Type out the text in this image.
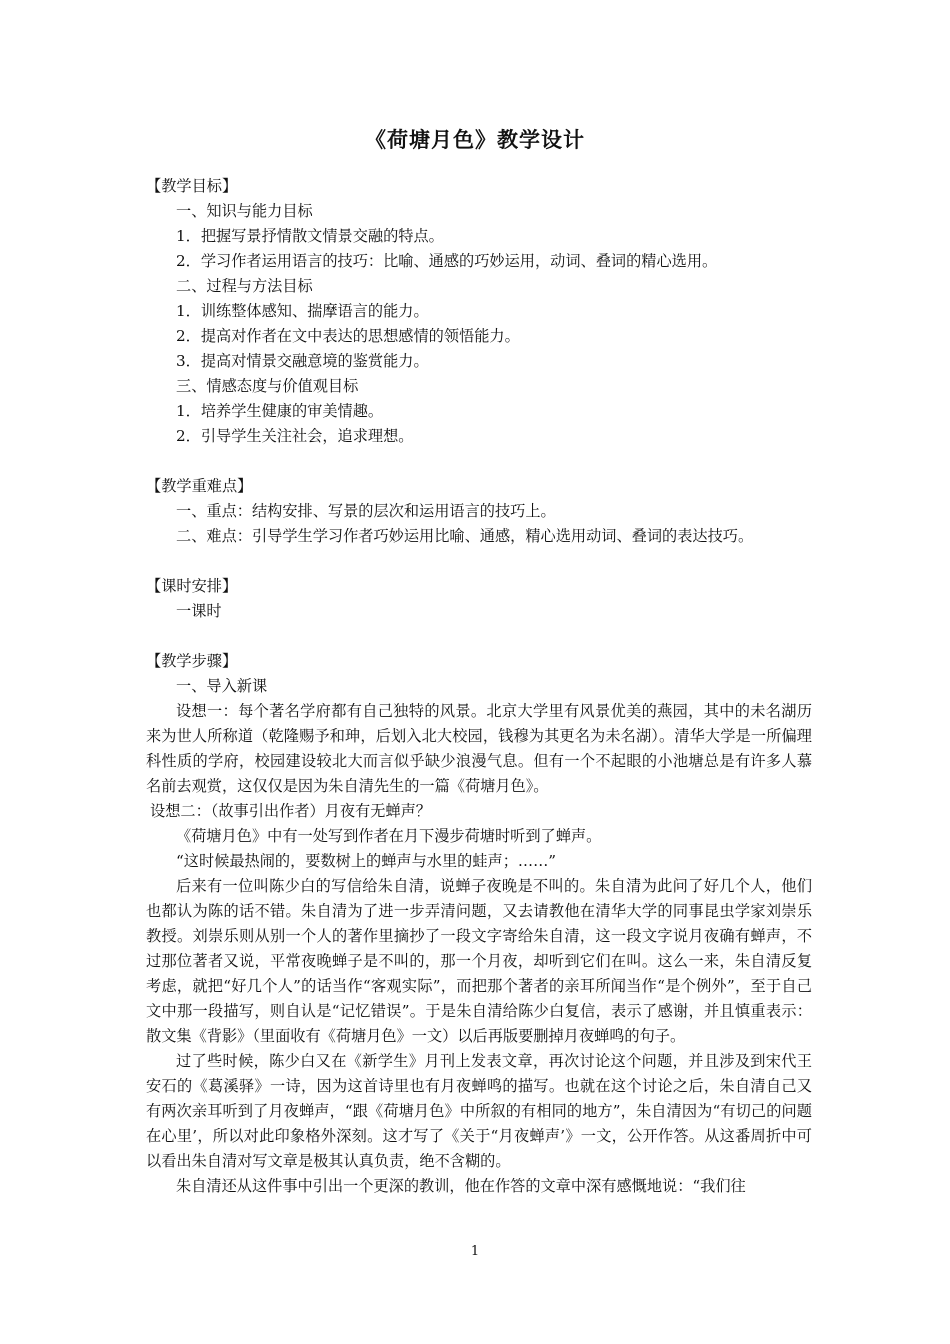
《荷塘月色》教学设计

【教学目标】

一、知识与能力目标

1．把握写景抒情散文情景交融的特点。

2．学习作者运用语言的技巧：比喻、通感的巧妙运用，动词、叠词的精心选用。

二、过程与方法目标

1．训练整体感知、揣摩语言的能力。

2．提高对作者在文中表达的思想感情的领悟能力。

3．提高对情景交融意境的鉴赏能力。

三、情感态度与价值观目标

1．培养学生健康的审美情趣。

2．引导学生关注社会，追求理想。

【教学重难点】

一、重点：结构安排、写景的层次和运用语言的技巧上。

二、难点：引导学生学习作者巧妙运用比喻、通感，精心选用动词、叠词的表达技巧。

【课时安排】

一课时

【教学步骤】

一、导入新课

设想一：每个著名学府都有自己独特的风景。北京大学里有风景优美的燕园，其中的未名湖历来为世人所称道（乾隆赐予和珅，后划入北大校园，钱穆为其更名为未名湖）。清华大学是一所偏理科性质的学府，校园建设较北大而言似乎缺少浪漫气息。但有一个不起眼的小池塘总是有许多人慕名前去观赏，这仅仅是因为朱自清先生的一篇《荷塘月色》。

设想二：（故事引出作者）月夜有无蝉声？

《荷塘月色》中有一处写到作者在月下漫步荷塘时听到了蝉声。

“这时候最热闹的，要数树上的蝉声与水里的蛙声；……”

后来有一位叫陈少白的写信给朱自清，说蝉子夜晚是不叫的。朱自清为此问了好几个人，他们也都认为陈的话不错。朱自清为了进一步弄清问题，又去请教他在清华大学的同事昆虫学家刘崇乐教授。刘崇乐则从别一个人的著作里摘抄了一段文字寄给朱自清，这一段文字说月夜确有蝉声，不过那位著者又说，平常夜晚蝉子是不叫的，那一个月夜，却听到它们在叫。这么一来，朱自清反复考虑，就把“好几个人”的话当作“客观实际”，而把那个著者的亲耳所闻当作“是个例外”，至于自己文中那一段描写，则自认是“记忆错误”。于是朱自清给陈少白复信，表示了感谢，并且慎重表示：散文集《背影》（里面收有《荷塘月色》一文）以后再版要删掉月夜蝉鸣的句子。

过了些时候，陈少白又在《新学生》月刊上发表文章，再次讨论这个问题，并且涉及到宋代王安石的《葛溪驿》一诗，因为这首诗里也有月夜蝉鸣的描写。也就在这个讨论之后，朱自清自己又有两次亲耳听到了月夜蝉声，“跟《荷塘月色》中所叙的有相同的地方”，朱自清因为“有切己的问题在心里’，所以对此印象格外深刻。这才写了《关于“月夜蝉声’》一文，公开作答。从这番周折中可以看出朱自清对写文章是极其认真负责，绝不含糊的。

朱自清还从这件事中引出一个更深的教训，他在作答的文章中深有感慨地说：“我们往

1
